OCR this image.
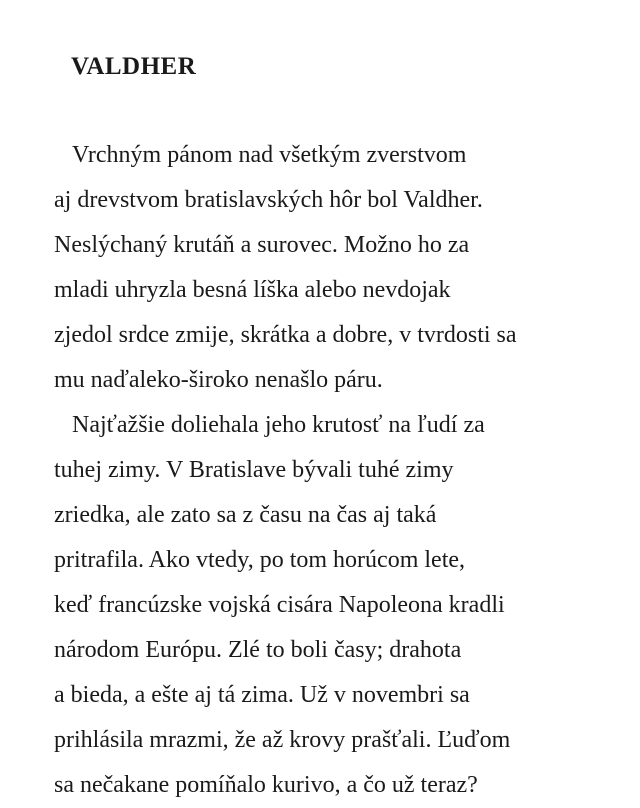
VALDHER
Vrchným pánom nad všetkým zverstvom
aj drevstvom bratislavských hôr bol Valdher.
Neslýchaný krutáň a surovec. Možno ho za
mladi uhryzla besná líška alebo nevdojak
zjedol srdce zmije, skrátka a dobre, v tvrdosti sa
mu naďaleko-široko nenašlo páru.
Najťažšie doliehala jeho krutosť na ľudí za
tuhej zimy. V Bratislave bývali tuhé zimy
zriedka, ale zato sa z času na čas aj taká
pritrafila. Ako vtedy, po tom horúcom lete,
keď francúzske vojská cisára Napoleona kradli
národom Európu. Zlé to boli časy; drahota
a bieda, a ešte aj tá zima. Už v novembri sa
prihlásila mrazmi, že až krovy prašťali. Ľuďom
sa nečakane pomíňalo kurivo, a čo už teraz?
